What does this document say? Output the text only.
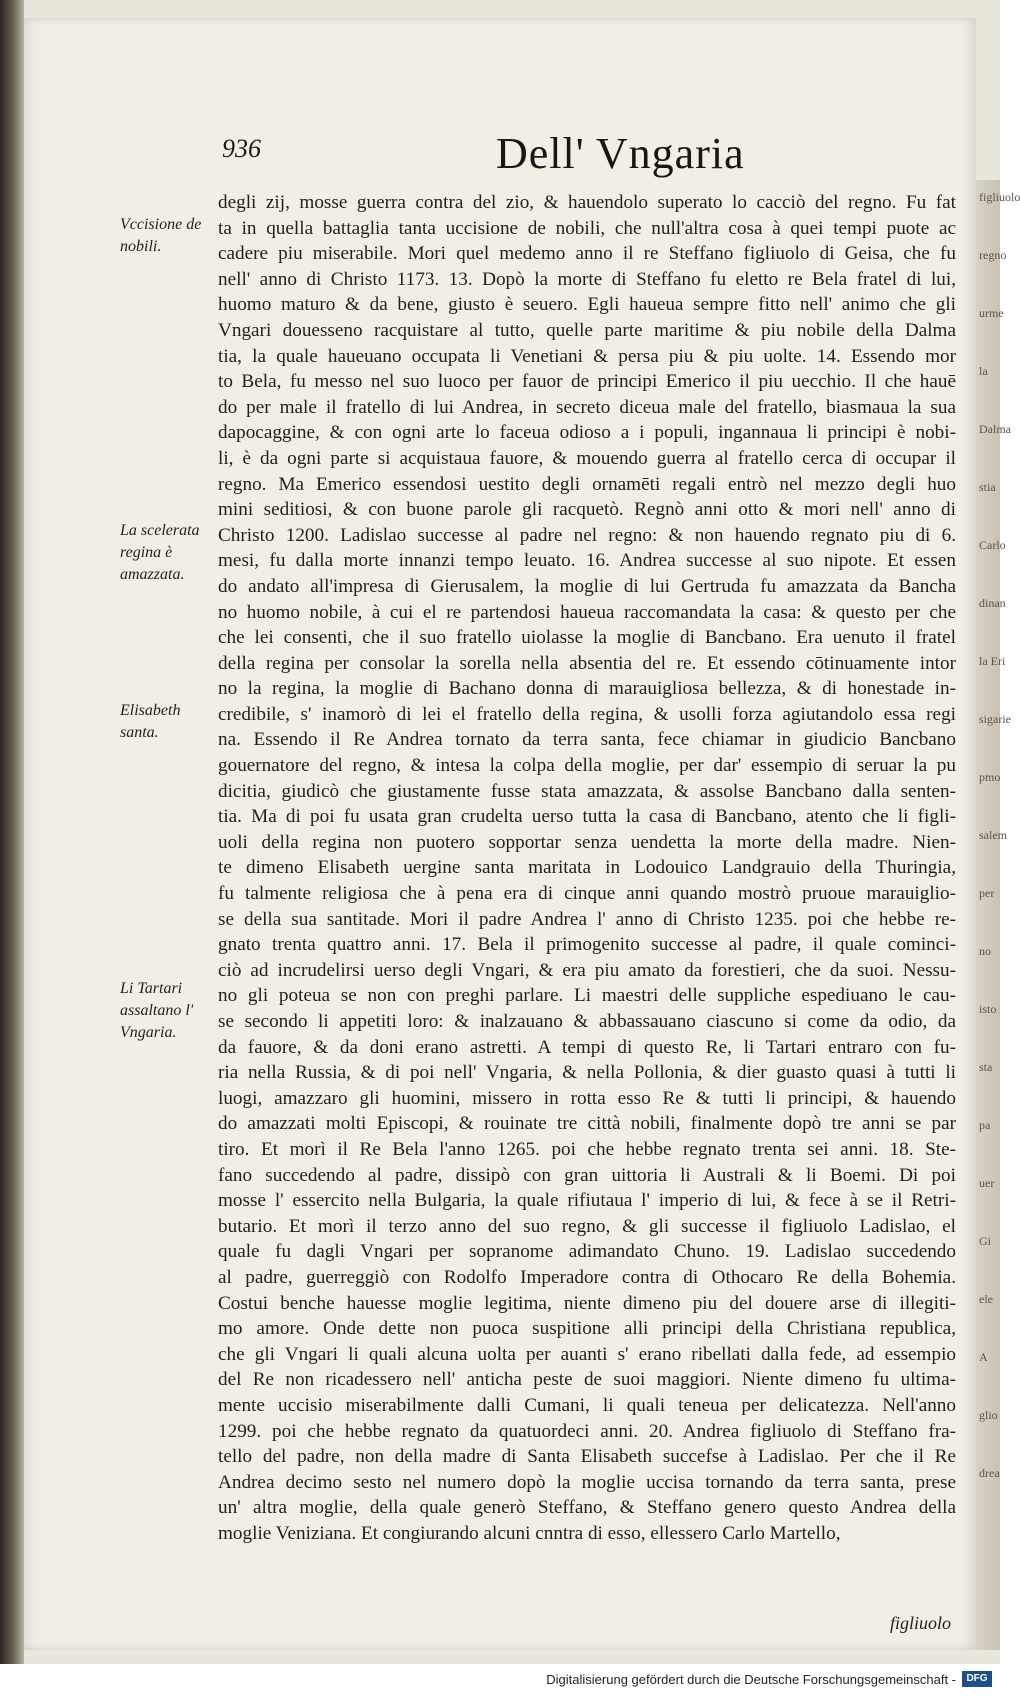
figliuolo
regno
urme
la
Dalma
stia
Carlo
dinan
la Eri
sigarie
pmo
salem
per
no
isto
sta
pa
uer
Gi
ele
A
glio
drea
936	Dell' Vngaria
Vccisione de nobili.
La scelerata regina è amazzata.
Elisabeth santa.
Li Tartari assaltano l' Vngaria.
degli zij, mosse guerra contra del zio, & hauendolo superato lo cacciò del regno. Fu fat
ta in quella battaglia tanta uccisione de nobili, che null'altra cosa à quei tempi puote ac
cadere piu miserabile. Mori quel medemo anno il re Steffano figliuolo di Geisa, che fu
nell' anno di Christo 1173. 13. Dopò la morte di Steffano fu eletto re Bela fratel di lui,
huomo maturo & da bene, giusto è seuero. Egli haueua sempre fitto nell' animo che gli
Vngari douesseno racquistare al tutto, quelle parte maritime & piu nobile della Dalma
tia, la quale haueuano occupata li Venetiani & persa piu & piu uolte. 14. Essendo mor
to Bela, fu messo nel suo luoco per fauor de principi Emerico il piu uecchio. Il che hauē
do per male il fratello di lui Andrea, in secreto diceua male del fratello, biasmaua la sua
dapocaggine, & con ogni arte lo faceua odioso a i populi, ingannaua li principi è nobi-
li, è da ogni parte si acquistaua fauore, & mouendo guerra al fratello cerca di occupar il
regno. Ma Emerico essendosi uestito degli ornamēti regali entrò nel mezzo degli huo
mini seditiosi, & con buone parole gli racquetò. Regnò anni otto & mori nell' anno di
Christo 1200. Ladislao successe al padre nel regno: & non hauendo regnato piu di 6.
mesi, fu dalla morte innanzi tempo leuato. 16. Andrea successe al suo nipote. Et essen
do andato all'impresa di Gierusalem, la moglie di lui Gertruda fu amazzata da Bancha
no huomo nobile, à cui el re partendosi haueua raccomandata la casa: & questo per che
che lei consenti, che il suo fratello uiolasse la moglie di Bancbano. Era uenuto il fratel
della regina per consolar la sorella nella absentia del re. Et essendo cōtinuamente intor
no la regina, la moglie di Bachano donna di marauigliosa bellezza, & di honestade in-
credibile, s' inamorò di lei el fratello della regina, & usolli forza agiutandolo essa regi
na. Essendo il Re Andrea tornato da terra santa, fece chiamar in giudicio Bancbano
gouernatore del regno, & intesa la colpa della moglie, per dar' essempio di seruar la pu
dicitia, giudicò che giustamente fusse stata amazzata, & assolse Bancbano dalla senten-
tia. Ma di poi fu usata gran crudelta uerso tutta la casa di Bancbano, atento che li figli-
uoli della regina non puotero sopportar senza uendetta la morte della madre. Nien-
te dimeno Elisabeth uergine santa maritata in Lodouico Landgrauio della Thuringia,
fu talmente religiosa che à pena era di cinque anni quando mostrò pruoue marauiglio-
se della sua santitade. Mori il padre Andrea l' anno di Christo 1235. poi che hebbe re-
gnato trenta quattro anni. 17. Bela il primogenito successe al padre, il quale cominci-
ciò ad incrudelirsi uerso degli Vngari, & era piu amato da forestieri, che da suoi. Nessu-
no gli poteua se non con preghi parlare. Li maestri delle suppliche espediuano le cau-
se secondo li appetiti loro: & inalzauano & abbassauano ciascuno si come da odio, da
da fauore, & da doni erano astretti. A tempi di questo Re, li Tartari entraro con fu-
ria nella Russia, & di poi nell' Vngaria, & nella Pollonia, & dier guasto quasi à tutti li
luogi, amazzaro gli huomini, missero in rotta esso Re & tutti li principi, & hauendo
do amazzati molti Episcopi, & rouinate tre città nobili, finalmente dopò tre anni se par
tiro. Et morì il Re Bela l'anno 1265. poi che hebbe regnato trenta sei anni. 18. Ste-
fano succedendo al padre, dissipò con gran uittoria li Australi & li Boemi. Di poi
mosse l' essercito nella Bulgaria, la quale rifiutaua l' imperio di lui, & fece à se il Retri-
butario. Et morì il terzo anno del suo regno, & gli successe il figliuolo Ladislao, el
quale fu dagli Vngari per sopranome adimandato Chuno. 19. Ladislao succedendo
al padre, guerreggiò con Rodolfo Imperadore contra di Othocaro Re della Bohemia.
Costui benche hauesse moglie legitima, niente dimeno piu del douere arse di illegiti-
mo amore. Onde dette non puoca suspitione alli principi della Christiana republica,
che gli Vngari li quali alcuna uolta per auanti s' erano ribellati dalla fede, ad essempio
del Re non ricadessero nell' anticha peste de suoi maggiori. Niente dimeno fu ultima-
mente uccisio miserabilmente dalli Cumani, li quali teneua per delicatezza. Nell'anno
1299. poi che hebbe regnato da quatuordeci anni. 20. Andrea figliuolo di Steffano fra-
tello del padre, non della madre di Santa Elisabeth succefse à Ladislao. Per che il Re
Andrea decimo sesto nel numero dopò la moglie uccisa tornando da terra santa, prese
un' altra moglie, della quale generò Steffano, & Steffano genero questo Andrea della
moglie Veniziana. Et congiurando alcuni cnntra di esso, ellessero Carlo Martello,
figliuolo
Digitalisierung gefördert durch die Deutsche Forschungsgemeinschaft -	DFG
